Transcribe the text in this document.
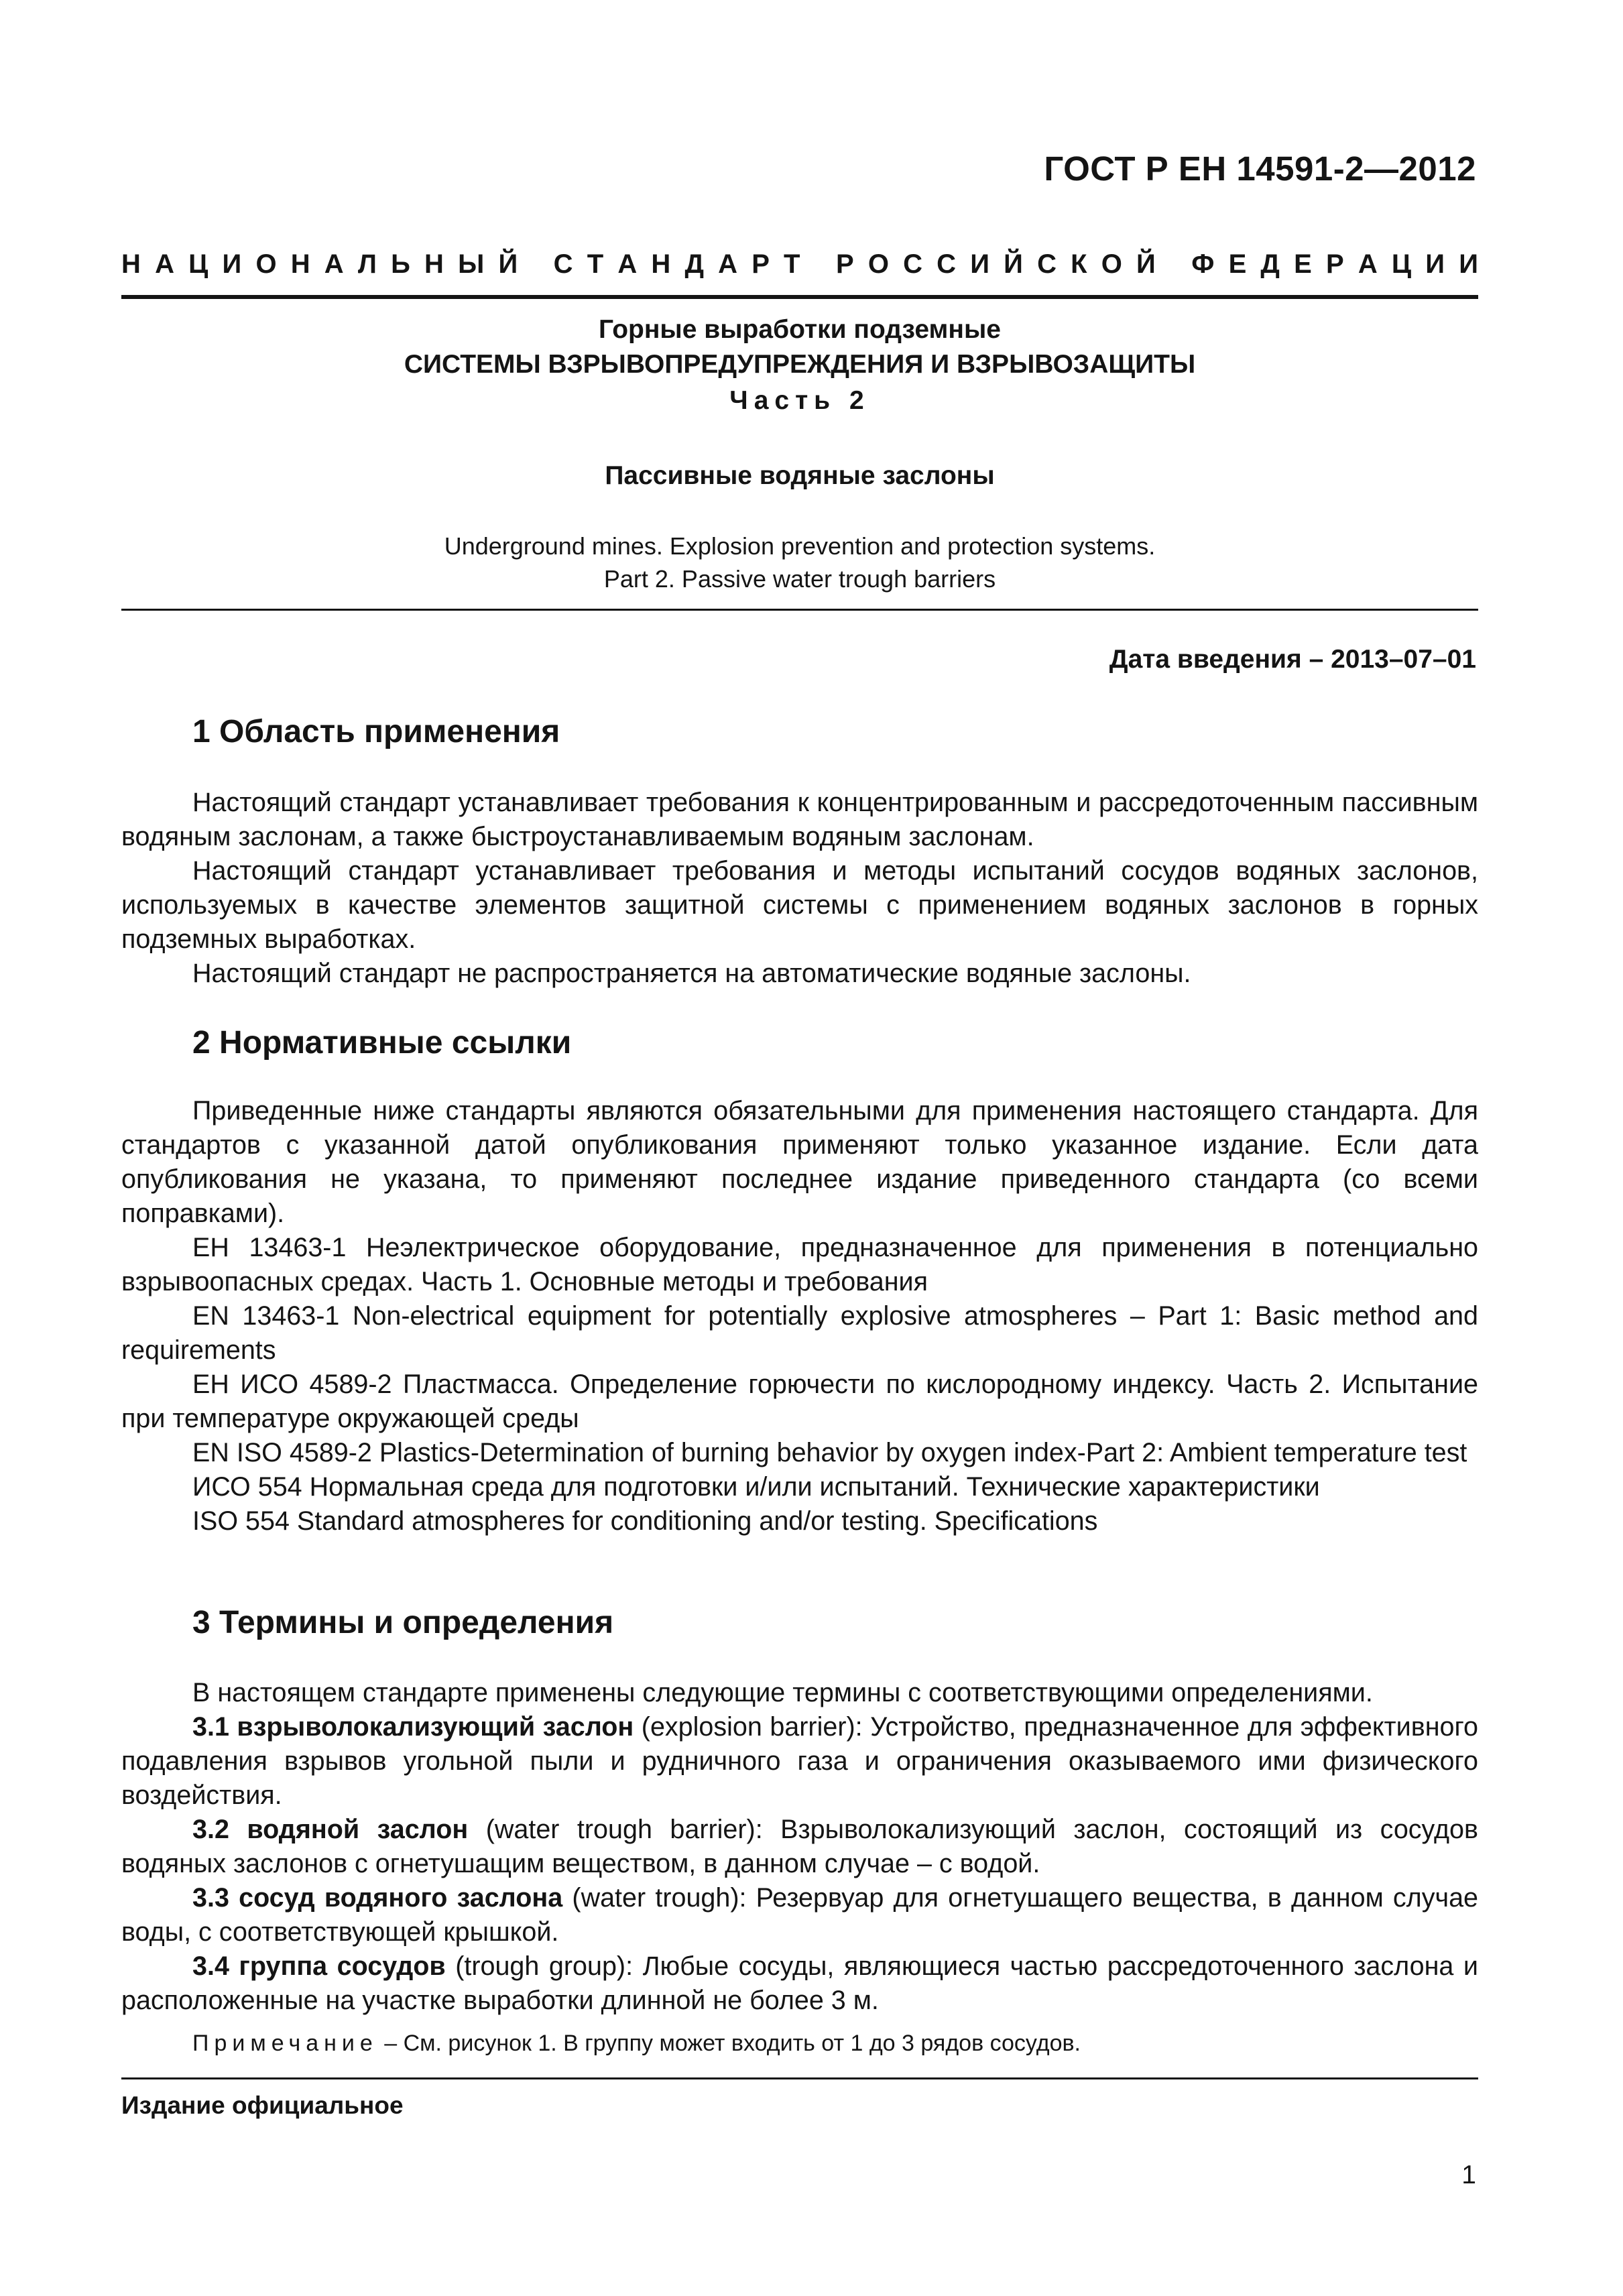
ГОСТ Р ЕН 14591-2—2012
Н А Ц И О Н А Л Ь Н Ы Й
С Т А Н Д А Р Т
Р О С С И Й С К О Й
Ф Е Д Е Р А Ц И И
Горные выработки подземные
СИСТЕМЫ ВЗРЫВОПРЕДУПРЕЖДЕНИЯ И ВЗРЫВОЗАЩИТЫ
Часть 2
Пассивные водяные заслоны
Underground mines. Explosion prevention and protection systems.
Part 2. Passive water trough barriers
Дата введения – 2013–07–01
1 Область применения

Настоящий стандарт устанавливает требования к концентрированным и рассредоточенным пассивным водяным заслонам, а также быстроустанавливаемым водяным заслонам.

Настоящий стандарт устанавливает требования и методы испытаний сосудов водяных заслонов, используемых в качестве элементов защитной системы с применением водяных заслонов в горных подземных выработках.

Настоящий стандарт не распространяется на автоматические водяные заслоны.

2 Нормативные ссылки

Приведенные ниже стандарты являются обязательными для применения настоящего стандарта. Для стандартов с указанной датой опубликования применяют только указанное издание. Если дата опубликования не указана, то применяют последнее издание приведенного стандарта (со всеми поправками).

ЕН 13463-1 Неэлектрическое оборудование, предназначенное для применения в потенциально взрывоопасных средах. Часть 1. Основные методы и требования

EN 13463-1 Non-electrical equipment for potentially explosive atmospheres – Part 1: Basic method and requirements

ЕН ИСО 4589-2 Пластмасса. Определение горючести по кислородному индексу. Часть 2. Испытание при температуре окружающей среды

EN ISO 4589-2 Plastics-Determination of burning behavior by oxygen index-Part 2: Ambient temperature test

ИСО 554 Нормальная среда для подготовки и/или испытаний. Технические характеристики

ISO 554 Standard atmospheres for conditioning and/or testing. Specifications

3 Термины и определения

В настоящем стандарте применены следующие термины с соответствующими определениями.

3.1 взрыволокализующий заслон (explosion barrier): Устройство, предназначенное для эффективного подавления взрывов угольной пыли и рудничного газа и ограничения оказываемого ими физического воздействия.

3.2 водяной заслон (water trough barrier): Взрыволокализующий заслон, состоящий из сосудов водяных заслонов с огнетушащим веществом, в данном случае – с водой.

3.3 сосуд водяного заслона (water trough): Резервуар для огнетушащего вещества, в данном случае воды, с соответствующей крышкой.

3.4 группа сосудов (trough group): Любые сосуды, являющиеся частью рассредоточенного заслона и расположенные на участке выработки длинной не более 3 м.

Примечание – См. рисунок 1. В группу может входить от 1 до 3 рядов сосудов.

Издание официальное
1
